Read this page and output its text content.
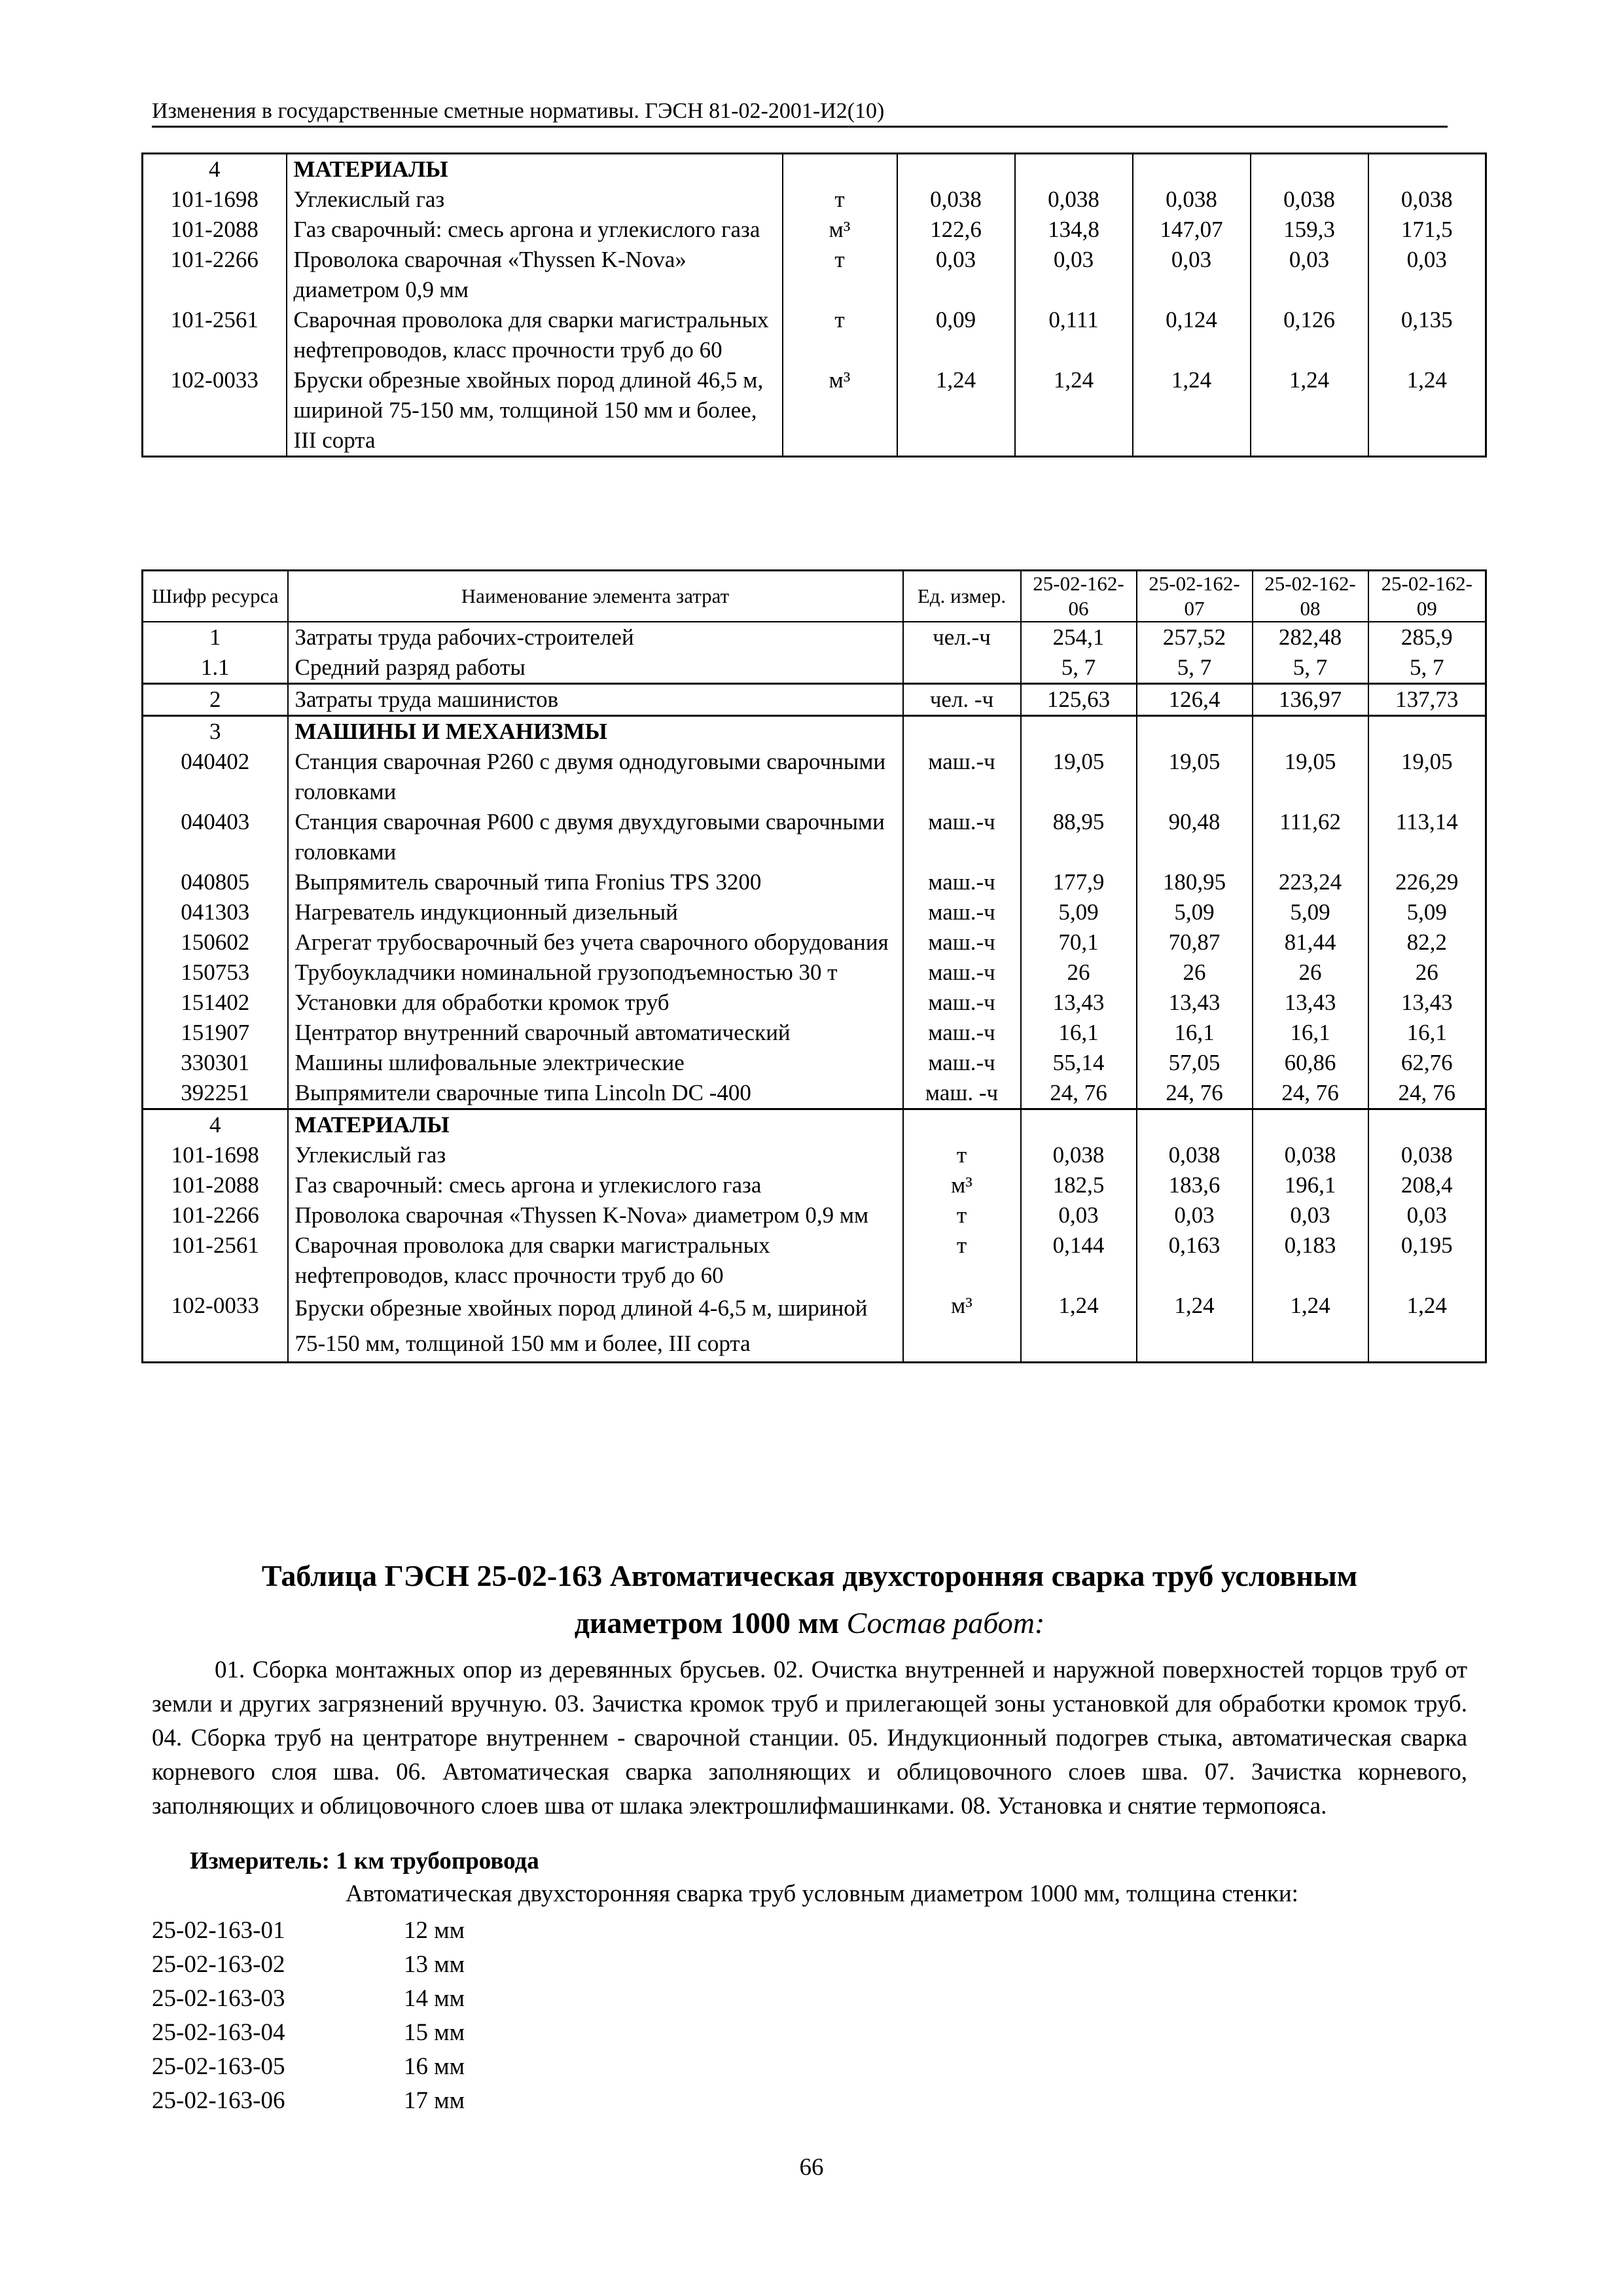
Изменения в государственные сметные нормативы. ГЭСН 81-02-2001-И2(10)
4	МАТЕРИАЛЫ						
101-1698	Углекислый газ	т	0,038	0,038	0,038	0,038	0,038
101-2088	Газ сварочный: смесь аргона и углекислого газа	м³	122,6	134,8	147,07	159,3	171,5
101-2266	Проволока сварочная «Thyssen K-Nova» диаметром 0,9 мм	т	0,03	0,03	0,03	0,03	0,03
101-2561	Сварочная проволока для сварки магистральных нефтепроводов, класс прочности труб до 60	т	0,09	0,111	0,124	0,126	0,135
102-0033	Бруски обрезные хвойных пород длиной 46,5 м, шириной 75-150 мм, толщиной 150 мм и более, III сорта	м³	1,24	1,24	1,24	1,24	1,24
Шифр ресурса	Наименование элемента затрат	Ед. измер.	25-02-162-06	25-02-162-07	25-02-162-08	25-02-162-09
1	Затраты труда рабочих-строителей	чел.-ч	254,1	257,52	282,48	285,9
1.1	Средний разряд работы		5, 7	5, 7	5, 7	5, 7
2	Затраты труда машинистов	чел. -ч	125,63	126,4	136,97	137,73
3	МАШИНЫ И МЕХАНИЗМЫ					
040402	Станция сварочная P260 с двумя однодуговыми сварочными головками	маш.-ч	19,05	19,05	19,05	19,05
040403	Станция сварочная P600 с двумя двухдуговыми сварочными головками	маш.-ч	88,95	90,48	111,62	113,14
040805	Выпрямитель сварочный типа Fronius TPS 3200	маш.-ч	177,9	180,95	223,24	226,29
041303	Нагреватель индукционный дизельный	маш.-ч	5,09	5,09	5,09	5,09
150602	Агрегат трубосварочный без учета сварочного оборудования	маш.-ч	70,1	70,87	81,44	82,2
150753	Трубоукладчики номинальной грузоподъемностью 30 т	маш.-ч	26	26	26	26
151402	Установки для обработки кромок труб	маш.-ч	13,43	13,43	13,43	13,43
151907	Центратор внутренний сварочный автоматический	маш.-ч	16,1	16,1	16,1	16,1
330301	Машины шлифовальные электрические	маш.-ч	55,14	57,05	60,86	62,76
392251	Выпрямители сварочные типа Lincoln DC -400	маш. -ч	24, 76	24, 76	24, 76	24, 76
4	МАТЕРИАЛЫ					
101-1698	Углекислый газ	т	0,038	0,038	0,038	0,038
101-2088	Газ сварочный: смесь аргона и углекислого газа	м³	182,5	183,6	196,1	208,4
101-2266	Проволока сварочная «Thyssen K-Nova» диаметром 0,9 мм	т	0,03	0,03	0,03	0,03
101-2561	Сварочная проволока для сварки магистральных нефтепроводов, класс прочности труб до 60	т	0,144	0,163	0,183	0,195
102-0033	Бруски обрезные хвойных пород длиной 4-6,5 м, шириной 75-150 мм, толщиной 150 мм и более, III сорта	м³	1,24	1,24	1,24	1,24
Таблица ГЭСН 25-02-163 Автоматическая двухсторонняя сварка труб условным
диаметром 1000 мм Состав работ:
01. Сборка монтажных опор из деревянных брусьев. 02. Очистка внутренней и наружной поверхностей торцов труб от земли и других загрязнений вручную. 03. Зачистка кромок труб и прилегающей зоны установкой для обработки кромок труб. 04. Сборка труб на центраторе внутреннем - сварочной станции. 05. Индукционный подогрев стыка, автоматическая сварка корневого слоя шва. 06. Автоматическая сварка заполняющих и облицовочного слоев шва. 07. Зачистка корневого, заполняющих и облицовочного слоев шва от шлака электрошлифмашинками. 08. Установка и снятие термопояса.
Измеритель: 1 км трубопровода
Автоматическая двухсторонняя сварка труб условным диаметром 1000 мм, толщина стенки:
25-02-163-01	12 мм
25-02-163-02	13 мм
25-02-163-03	14 мм
25-02-163-04	15 мм
25-02-163-05	16 мм
25-02-163-06	17 мм
66
